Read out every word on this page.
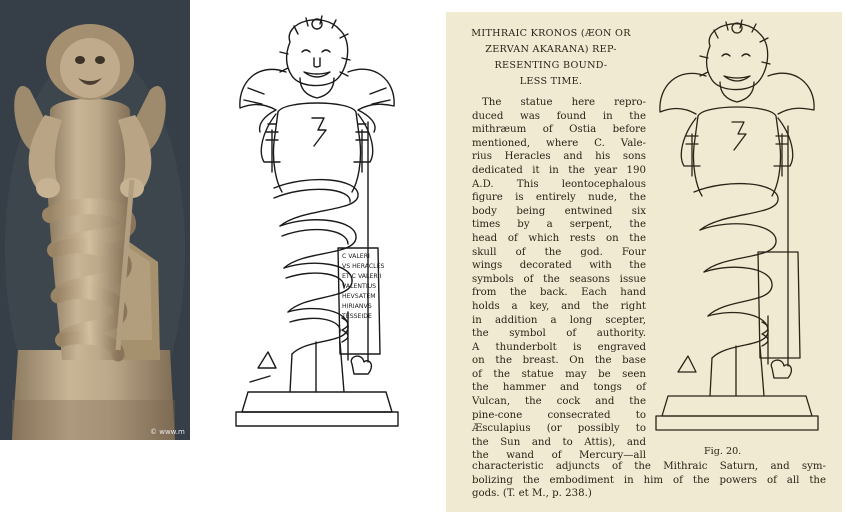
© www.m
C VALERI
VS HERACLES
ET C VALERII
VALENTIUS
HEVSATEM
HIRIANVS
TESSEIDE
MITHRAIC KRONOS (ÆON OR
ZERVAN AKARANA) REP-
RESENTING BOUND-
LESS TIME.
The statue here repro-
duced was found in the
mithræum of Ostia before
mentioned, where C. Vale-
rius Heracles and his sons
dedicated it in the year 190
A.D. This leontocephalous
figure is entirely nude, the
body being entwined six
times by a serpent, the
head of which rests on the
skull of the god. Four
wings decorated with the
symbols of the seasons issue
from the back. Each hand
holds a key, and the right
in addition a long scepter,
the symbol of authority.
A thunderbolt is engraved
on the breast. On the base
of the statue may be seen
the hammer and tongs of
Vulcan, the cock and the
pine-cone consecrated to
Æsculapius (or possibly to
the Sun and to Attis), and
the wand of Mercury—all	Fig. 20.
characteristic adjuncts of the Mithraic Saturn, and sym-
bolizing the embodiment in him of the powers of all the
gods. (T. et M., p. 238.)
